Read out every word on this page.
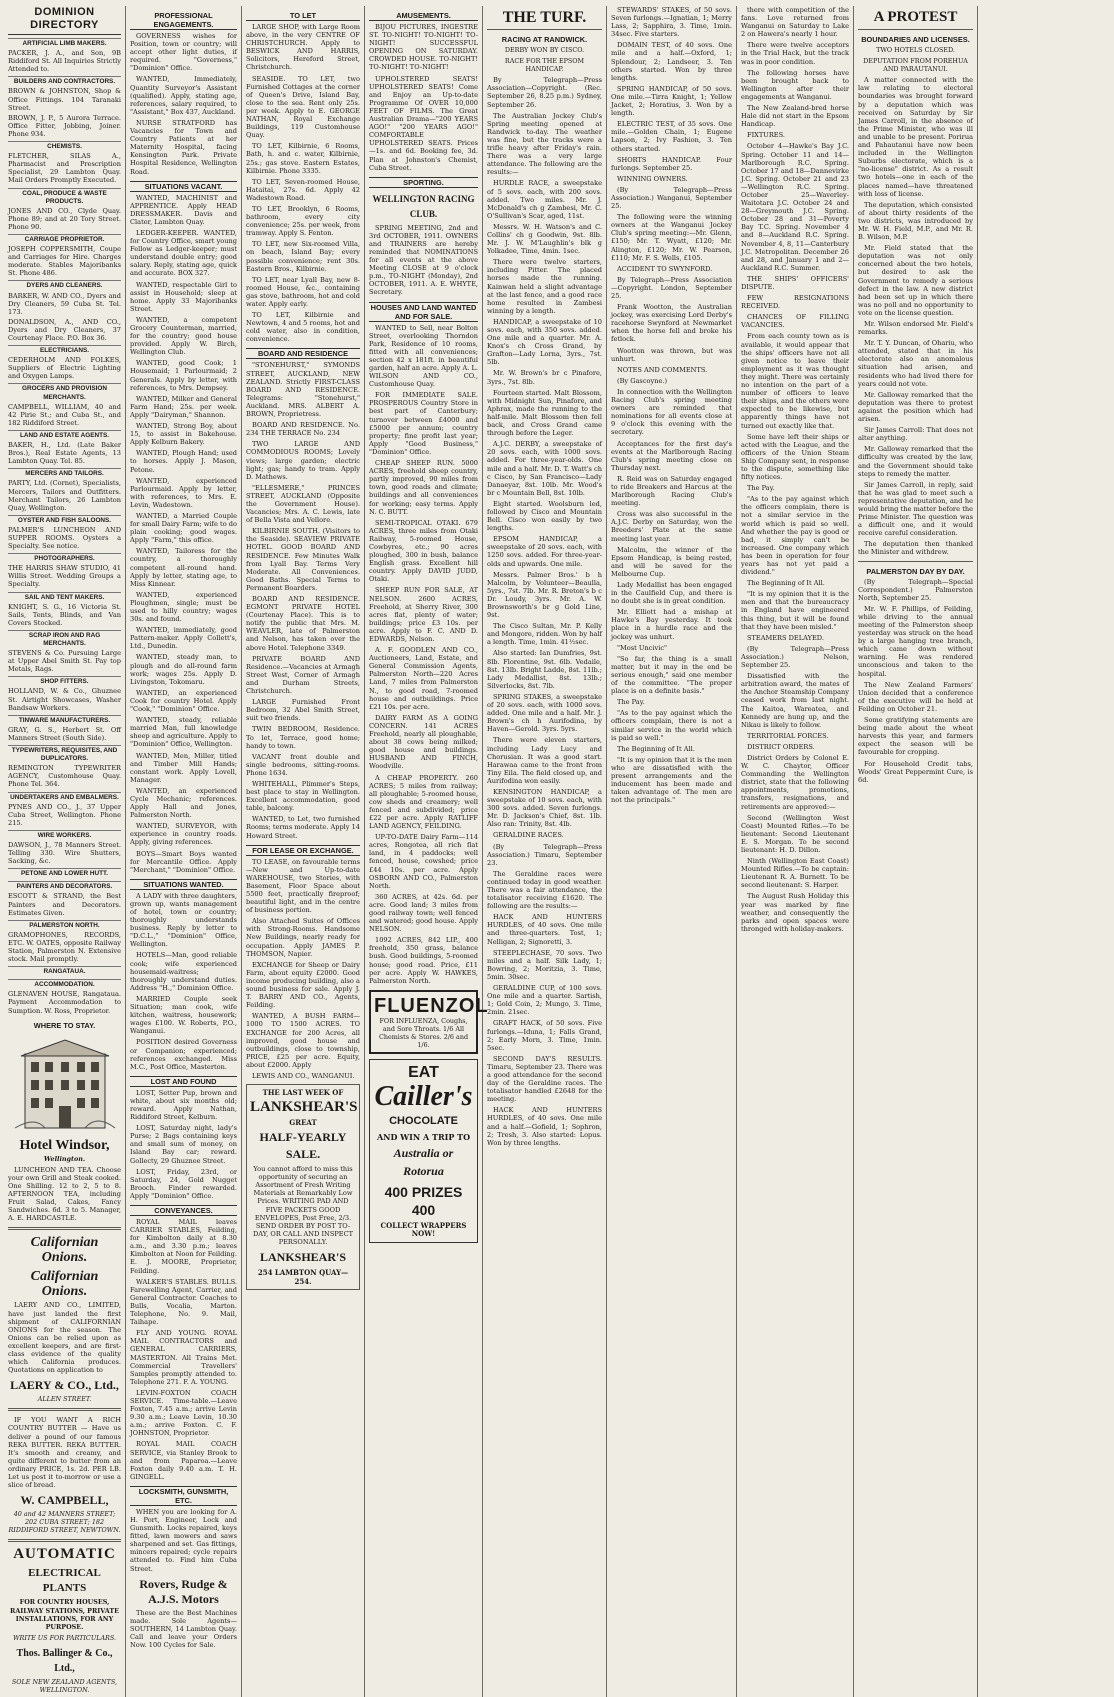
DOMINION DIRECTORY
ARTIFICIAL LIMB MAKERS.
PACKER, J. A., and Son, 9B Riddiford St. All Inquiries Strictly Attended to.
BUILDERS AND CONTRACTORS.
BROWN & JOHNSTON, Shop & Office Fittings. 104 Taranaki Street.
BROWN, J. P., 5 Aurora Terrace. Office Fitter, Jobbing, Joiner. Phone 934.
CHEMISTS.
FLETCHER, SILAS A., Pharmacist and Prescription Specialist, 29 Lambton Quay. Mail Orders Promptly Executed.
COAL, PRODUCE & WASTE PRODUCTS.
JONES AND CO., Clyde Quay. Phone 89; and at 20 Tory Street. Phone 90.
CARRIAGE PROPRIETOR.
JOSEPH COPPERSMITH, Coupe and Carriages for Hire. Charges moderate. Stables Majoribanks St. Phone 486.
DYERS AND CLEANERS.
BARKER, W. AND CO., Dyers and Dry Cleaners, 59 Cuba St. Tel. 173.
DONALDSON, A., AND CO., Dyers and Dry Cleaners, 37 Courtenay Place. P.O. Box 36.
ELECTRICIANS.
CEDERHOLM AND FOLKES, Suppliers of Electric Lighting and Oxygen Lamps.
GROCERS AND PROVISION MERCHANTS.
CAMPBELL, WILLIAM, 40 and 42 Pirie St.; and Cuba St., and 182 Riddiford Street.
LAND AND ESTATE AGENTS.
BAKER, H., Ltd. (Late Baker Bros.), Real Estate Agents, 13 Lambton Quay. Tel. 85.
MERCERS AND TAILORS.
PARTY, Ltd. (Cornet), Specialists, Mercers, Tailors and Outfitters. Merchant Tailors, 26 Lambton Quay, Wellington.
OYSTER AND FISH SALOONS.
PALMER'S LUNCHEON AND SUPPER ROOMS. Oysters a Specialty. See notice.
PHOTOGRAPHERS.
THE HARRIS SHAW STUDIO, 41 Willis Street. Wedding Groups a Specialty.
SAIL AND TENT MAKERS.
KNIGHT, S. G., 16 Victoria St. Sails, Tents, Blinds, and Van Covers Stocked.
SCRAP IRON AND RAG MERCHANTS.
STEVENS & Co. Pursuing Large at Upper Abel Smith St. Pay top Metals, Rags.
SHOP FITTERS.
HOLLAND, W. & Co., Ghuznee St. Airtight Showcases, Washer Bandsaw Workers.
TINWARE MANUFACTURERS.
GRAY, G. S., Herbert St. Off Manners Street (South Side).
TYPEWRITERS, REQUISITES, AND DUPLICATORS.
REMINGTON TYPEWRITER AGENCY, Customhouse Quay. Phone Tel. 364.
UNDERTAKERS AND EMBALMERS.
PYNES AND CO., J., 37 Upper Cuba Street, Wellington. Phone 215.
WIRE WORKERS.
DAWSON, J., 78 Manners Street. Telling 330. Wire Shutters, Sacking, &c.
PETONE AND LOWER HUTT.
PAINTERS AND DECORATORS.
ESCOTT & STRAND, the Best Painters and Decorators. Estimates Given.
PALMERSTON NORTH.
GRAMOPHONES, RECORDS, ETC. W. OATES, opposite Railway Station, Palmerston N. Extensive stock. Mail promptly.
RANGATAUA.
ACCOMMODATION.
GLENAVEN HOUSE, Rangataua. Payment Accommodation to Sumption. W. Ross, Proprietor.
WHERE TO STAY.
Hotel Windsor,
Wellington.

LUNCHEON AND TEA. Choose your own Grill and Steak cooked. One Shilling. 12 to 2, 5 to 8. AFTERNOON TEA, including Fruit Salad, Cakes, Fancy Sandwiches. 6d. 3 to 5. Manager, A. E. HARDCASTLE.

Californian Onions.
Californian Onions.

LAERY AND CO., LIMITED, have just landed the first shipment of CALIFORNIAN ONIONS for the season. The Onions can be relied upon as excellent keepers, and are first-class evidence of the quality which California produces. Quotations on application to

LAERY & CO., Ltd.,
ALLEN STREET.

IF YOU WANT A RICH COUNTRY BUTTER — Have us deliver a pound of our famous REKA BUTTER. REKA BUTTER. It's smooth and creamy, and quite different to butter from an ordinary PRICE, 1s. 2d. PER LB. Let us post it to-morrow or use a slice of bread.

W. CAMPBELL,
40 and 42 MANNERS STREET; 202 CUBA STREET; 182 RIDDIFORD STREET, NEWTOWN.
AUTOMATIC
ELECTRICAL PLANTS
FOR COUNTRY HOUSES, RAILWAY STATIONS, PRIVATE INSTALLATIONS, FOR ANY PURPOSE.
WRITE US FOR PARTICULARS.
Thos. Ballinger & Co., Ltd.,
SOLE NEW ZEALAND AGENTS, WELLINGTON.
PROFESSIONAL ENGAGEMENTS.

GOVERNESS wishes for Position, town or country; will accept other light duties, if required. "Governess," "Dominion" Office.

WANTED, Immediately, Quantity Surveyor's Assistant (qualified). Apply, stating age, references, salary required, to "Assistant," Box 437, Auckland.

NURSE STRATFORD has Vacancies for Town and Country Patients at her Maternity Hospital, facing Kensington Park. Private Hospital Residence, Wellington Road.

SITUATIONS VACANT.

WANTED, MACHINIST and APPRENTICE. Apply HEAD DRESSMAKER. Davis and Clater, Lambton Quay.

LEDGER-KEEPER. WANTED, for Country Office, smart young Fellow as Ledger-keeper; must understand double entry; good salary. Reply, stating age, quick and accurate. BOX 327.

WANTED, respectable Girl to assist in Household; sleep at home. Apply 33 Majoribanks Street.

WANTED, a competent Grocery Counterman, married, for the country; good house provided. Apply W. Birch, Wellington Club.

WANTED, good Cook; 1 Housemaid; 1 Parlourmaid; 2 Generals. Apply by letter, with references, to Mrs. Dempsey.

WANTED, Milker and General Farm Hand; 25s. per week. Apply "Dairyman," Shannon.

WANTED, Strong Boy, about 15, to assist in Bakehouse. Apply Kelburn Bakery.

WANTED, Plough Hand; used to horses. Apply J. Mason, Petone.

WANTED, experienced Parlourmaid. Apply by letter, with references, to Mrs. E. Levin, Wadestown.

WANTED, a Married Couple for small Dairy Farm; wife to do plain cooking; good wages. Apply "Farm," this office.

WANTED, Tailoress for the country, a thoroughly competent all-round hand. Apply by letter, stating age, to Miss Kinnear.

WANTED, experienced Ploughmen, single; must be used to hilly country; wages 30s. and found.

WANTED, immediately, good Pattern-maker. Apply Collett's, Ltd., Dunedin.

WANTED, steady man, to plough and do all-round farm work; wages 25s. Apply D. Livingston, Tokomaru.

WANTED, an experienced Cook for country Hotel. Apply "Cook," "Dominion" Office.

WANTED, steady, reliable married Man, full knowledge sheep and agriculture. Apply to "Dominion" Office, Wellington.

WANTED, Men, Miller, titled and Timber Mill Hands; constant work. Apply Lovell, Manager.

WANTED, an experienced Cycle Mechanic; references. Apply Hall and Jones, Palmerston North.

WANTED, SURVEYOR, with experience in country roads. Apply, giving references.

BOYS—Smart Boys wanted for Mercantile Office. Apply "Merchant," "Dominion" Office.

SITUATIONS WANTED.

A LADY with three daughters, grown up, wants management of hotel, town or country; thoroughly understands business. Reply by letter to "D.C.L.," "Dominion" Office, Wellington.

HOTELS—Man, good reliable cook; wife experienced housemaid-waitress; thoroughly understand duties. Address "H.," Dominion Office.

MARRIED Couple seek Situation; man cook, wife kitchen, waitress, housework; wages £100. W. Roberts, P.O., Wanganui.

POSITION desired Governess or Companion; experienced; references exchanged. Miss M.C., Post Office, Masterton.

LOST AND FOUND

LOST, Setter Pup, brown and white, about six months old; reward. Apply Nathan, Riddiford Street, Kelburn.

LOST, Saturday night, lady's Purse; 2 Bags containing keys and small sum of money, on Island Bay car; reward. Gollecty, 29 Ghuznee Street.

LOST, Friday, 23rd, or Saturday, 24, Gold Nugget Brooch. Finder rewarded. Apply "Dominion" Office.

CONVEYANCES.

ROYAL MAIL leaves CARRIER STABLES, Feilding, for Kimbolton daily at 8.30 a.m., and 3.30 p.m.; leaves Kimbolton at Noon for Feilding. E. J. MOORE, Proprietor, Feilding.

WALKER'S STABLES. BULLS. Farewelling Agent, Carrier, and General Contractor. Coaches to Bulls, Vocalia, Marton. Telephone, No. 9. Mail, Taihape.

FLY AND YOUNG. ROYAL MAIL CONTRACTORS and GENERAL CARRIERS, MASTERTON. All Trains Met. Commercial Travellers' Samples promptly attended to. Telephone 271. F. A. YOUNG.

LEVIN-FOXTON COACH SERVICE. Time-table.—Leave Foxton, 7.45 a.m.; arrive Levin 9.30 a.m.; Leave Levin, 10.30 a.m.; arrive Foxton. C. F. JOHNSTON, Proprietor.

ROYAL MAIL COACH SERVICE, via Stanley Brook to and from Paparoa.—Leave Foxton daily 9.40 a.m. T. H. GINGELL.

LOCKSMITH, GUNSMITH, ETC.

WHEN you are looking for A. H. Port, Engineer, Lock and Gunsmith. Locks repaired, keys fitted, lawn mowers and saws sharpened and set. Gas fittings, mincers repaired; cycle repairs attended to. Find him Cuba Street.

Rovers, Rudge & A.J.S. Motors

These are the Best Machines made. Sole Agents—SOUTHERN, 14 Lambton Quay. Call and leave your Orders Now. 100 Cycles for Sale.

TO LET

LARGE SHOP, with Large Room above, in the very CENTRE OF CHRISTCHURCH. Apply to BESWICK AND HARRIS, Solicitors, Hereford Street, Christchurch.

SEASIDE. TO LET, two Furnished Cottages at the corner of Queen's Drive, Island Bay, close to the sea. Rent only 25s. per week. Apply to E. GEORGE NATHAN, Royal Exchange Buildings, 119 Customhouse Quay.

TO LET, Kilbirnie, 6 Rooms, Bath, h. and c. water, Kilbirnie, 25s.; gas stove. Eastern Estates, Kilbirnie. Phone 3335.

TO LET, Seven-roomed House, Hataitai, 27s. 6d. Apply 42 Wadestown Road.

TO LET, Brooklyn, 6 Rooms, bathroom, every city convenience; 25s. per week, from tramway. Apply S. Fenton.

TO LET, new Six-roomed Villa, on beach, Island Bay; every possible convenience; rent 30s. Eastern Bros., Kilbirnie.

TO LET, near Lyall Bay, new 8-roomed House, &c., containing gas stove, bathroom, hot and cold water. Apply early.

TO LET, Kilbirnie and Newtown, 4 and 5 rooms, hot and cold water, also in condition, convenience.

BOARD AND RESIDENCE

"STONEHURST," SYMONDS STREET, AUCKLAND, NEW ZEALAND. Strictly FIRST-CLASS BOARD AND RESIDENCE. Telegrams: "Stonehurst," Auckland. MRS. ALBERT A. BROWN, Proprietress.

BOARD AND RESIDENCE. No. 234 THE TERRACE No. 234

TWO LARGE AND COMMODIOUS ROOMS; Lovely views; large garden; electric light; gas; handy to tram. Apply D. Mathews.

"ELLESMERE," PRINCES STREET, AUCKLAND (Opposite the Government House). Vacancies; Mrs. A. C. Lewis, late of Bella Vista and Vellore.

KILBIRNIE SOUTH. (Visitors to the Seaside). SEAVIEW PRIVATE HOTEL. GOOD BOARD AND RESIDENCE. Few Minutes Walk from Lyall Bay. Terms Very Moderate. All Conveniences. Good Baths. Special Terms to Permanent Boarders.

BOARD AND RESIDENCE. EGMONT PRIVATE HOTEL (Courtenay Place). This is to notify the public that Mrs. M. WEAVLER, late of Palmerston and Nelson, has taken over the above Hotel. Telephone 3349.

PRIVATE BOARD AND Residence.—Vacancies at Armagh Street West, Corner of Armagh and Durham Streets, Christchurch.

LARGE Furnished Front Bedroom, 32 Abel Smith Street, suit two friends.

TWIN BEDROOM, Residence. To let, Terrace, good home; handy to town.

VACANT front double and single bedrooms, sitting-rooms. Phone 1634.

WHITEHALL, Plimmer's Steps, best place to stay in Wellington. Excellent accommodation, good table, balcony.

WANTED, to Let, two furnished Rooms; terms moderate. Apply 14 Howard Street.

FOR LEASE OR EXCHANGE.

TO LEASE, on favourable terms—New and Up-to-date WAREHOUSE, two Stories, with Basement, Floor Space about 5500 feet, practically fireproof; beautiful light, and in the centre of business portion.

Also Attached Suites of Offices with Strong-Rooms. Handsome New Buildings, nearly ready for occupation. Apply JAMES P. THOMSON, Napier.

EXCHANGE for Sheep or Dairy Farm, about equity £2000. Good income producing building, also a sound business for sale. Apply J. T. BARRY AND CO., Agents, Feilding.

WANTED, A BUSH FARM—1000 TO 1500 ACRES. TO EXCHANGE for 200 Acres, all improved, good house and outbuildings, close to township, PRICE, £25 per acre. Equity, about £2000. Apply

LEWIS AND CO., WANGANUI.

THE LAST WEEK OF
LANKSHEAR'S
GREAT
HALF-YEARLY SALE.

You cannot afford to miss this opportunity of securing an Assortment of Fresh Writing Materials at Remarkably Low Prices. WRITING PAD AND FIVE PACKETS GOOD ENVELOPES, Post Free, 2/3. SEND ORDER BY POST TO-DAY, OR CALL AND INSPECT PERSONALLY.

LANKSHEAR'S
254 LAMBTON QUAY—254.
AMUSEMENTS.

BIJOU PICTURES, INGESTRE ST. TO-NIGHT! TO-NIGHT! TO-NIGHT! SUCCESSFUL OPENING ON SATURDAY. CROWDED HOUSE. TO-NIGHT! TO-NIGHT! TO-NIGHT!

UPHOLSTERED SEATS! UPHOLSTERED SEATS! Come and Enjoy an Up-to-date Programme Of OVER 10,000 FEET OF FILMS. The Great Australian Drama—"200 YEARS AGO!" "200 YEARS AGO!" COMFORTABLE UPHOLSTERED SEATS. Prices—1s. and 6d. Booking fee, 3d. Plan at Johnston's Chemist, Cuba Street.

SPORTING.
WELLINGTON RACING CLUB.

SPRING MEETING, 2nd and 3rd OCTOBER, 1911. OWNERS and TRAINERS are hereby reminded that NOMINATIONS for all events at the above Meeting CLOSE at 9 o'clock p.m., TO-NIGHT (Monday), 2nd OCTOBER, 1911. A. E. WHYTE, Secretary.

HOUSES AND LAND WANTED AND FOR SALE.

WANTED to Sell, near Bolton Street, overlooking Thorndon Park, Residence of 10 rooms, fitted with all conveniences; section 42 x 181ft. in beautiful garden, half an acre. Apply A. L. WILSON AND CO., Customhouse Quay.

FOR IMMEDIATE SALE. PROSPEROUS Country Store in best part of Canterbury; turnover between £4000 and £5000 per annum; country property; fine profit last year; Apply "Good Business," "Dominion" Office.

CHEAP SHEEP RUN. 5000 ACRES, freehold sheep country, partly improved, 90 miles from town, good roads and climate; buildings and all conveniences for working; easy terms. Apply N. C. BUTT.

SEMI-TROPICAL OTAKI. 679 ACRES, three miles from Otaki Railway, 5-roomed House, Cowbyres, etc.; 90 acres ploughed, 300 in bush, balance English grass. Excellent hill country. Apply DAVID JUDD, Otaki.

SHEEP RUN FOR SALE, AT NELSON. 2600 ACRES, Freehold, at Sherry River, 300 acres flat, plenty of water; buildings; price £3 10s. per acre. Apply to F. C. AND D. EDWARDS, Nelson.

A. F. GOODLEN AND CO., Auctioneers, Land, Estate, and General Commission Agents, Palmerston North—220 Acres Land, 7 miles from Palmerston N., to good road, 7-roomed house and outbuildings. Price £21 10s. per acre.

DAIRY FARM AS A GOING CONCERN. 141 ACRES Freehold, nearly all ploughable, about 38 cows being milked; good house and buildings. HUSBAND AND FINCH, Woodville.

A CHEAP PROPERTY. 260 ACRES; 5 miles from railway; all ploughable; 5-roomed house, cow sheds and creamery; well fenced and subdivided; price £22 per acre. Apply RATLIFF LAND AGENCY, FEILDING.

UP-TO-DATE Dairy Farm—114 acres, Rongotea, all rich flat land, in 4 paddocks; well fenced, house, cowshed; price £44 10s. per acre. Apply OSBORN AND CO., Palmerston North.

360 ACRES, at 42s. 6d. per acre. Good land; 3 miles from good railway town; well fenced and watered; good house. Apply NELSON.

1092 ACRES, 842 LIP., 400 freehold, 350 grass, balance bush. Good buildings, 5-roomed house; good road. Price, £11 per acre. Apply W. HAWKES, Palmerston North.

FLUENZOL
FOR INFLUENZA, Coughs, and Sore Throats. 1/6 All Chemists & Stores. 2/6 and 1/6.
EAT
Cailler's
CHOCOLATE
AND WIN A TRIP TO
Australia or Rotorua
400 PRIZES 400
COLLECT WRAPPERS NOW!
THE TURF.
RACING AT RANDWICK.
DERBY WON BY CISCO.
RACE FOR THE EPSOM HANDICAP.

By Telegraph—Press Association—Copyright. (Rec. September 26, 8.25 p.m.) Sydney, September 26.

The Australian Jockey Club's Spring meeting opened at Randwick to-day. The weather was fine, but the tracks were a trifle heavy after Friday's rain. There was a very large attendance. The following are the results:—

HURDLE RACE, a sweepstake of 5 sovs. each, with 200 sovs. added. Two miles. Mr. J. McDonald's ch g Zambesi, Mr. C. O'Sullivan's Scar, aged, 11st.

Messrs. W. H. Watson's and C. Collins' ch g Goodwin, 9st. 8lb. Mr. J. W. M'Laughlin's blk g Yolkadee, Time, 4min. 1sec.

There were twelve starters, including Pitter. The placed horses made the running. Kainwan held a slight advantage at the last fence, and a good race home resulted in Zambesi winning by a length.

HANDICAP, a sweepstake of 10 sovs. each, with 350 sovs. added. One mile and a quarter. Mr. A. Knox's ch Cross Grand, by Grafton—Lady Lorna, 3yrs., 7st. 5lb.

Mr. W. Brown's br c Pinafore, 3yrs., 7st. 8lb.

Fourteen started. Malt Blossom, with Midnight Sun, Pinafore, and Aphrax, made the running to the half-mile. Malt Blossom then fell back, and Cross Grand came through before the Leger.

A.J.C. DERBY, a sweepstake of 20 sovs. each, with 1000 sovs. added. For three-year-olds. One mile and a half. Mr. D. T. Watt's ch c Cisco, by San Francisco—Lady Danaeyar, 8st. 10lb. Mr. Wood's br c Mountain Bell, 8st. 10lb.

Eight started. Woolsburn led, followed by Cisco and Mountain Bell. Cisco won easily by two lengths.

EPSOM HANDICAP, a sweepstake of 20 sovs. each, with 1250 sovs. added. For three-year-olds and upwards. One mile.

Messrs. Palmer Bros.' b h Malcolm, by Volunteer—Beaulla, 5yrs., 7st. 7lb. Mr. R. Breton's b c Dr. Loudy, 3yrs. Mr. A. W. Brownsworth's br g Gold Line, 9st.

The Cisco Sultan, Mr. P. Kelly and Mongore, ridden. Won by half a length. Time, 1min. 41½sec.

Also started: Ian Dumfries, 9st. 8lb. Florentine, 9st. 6lb. Vedaile, 8st. 13lb. Bright Ladde, 8st. 11lb.; Lady Medallist, 8st. 13lb.; Silverlocks, 8st. 7lb.

SPRING STAKES, a sweepstake of 20 sovs. each, with 1000 sovs. added. One mile and a half. Mr. J. Brown's ch h Aurifodina, by Haven—Gerold. 3yrs. 5yrs.

There were eleven starters, including Lady Lucy and Chorusian. It was a good start. Harawaa came to the front from Tiny Eila. The field closed up, and Aurifodina won easily.

KENSINGTON HANDICAP, a sweepstake of 10 sovs. each, with 300 sovs. added. Seven furlongs. Mr. D. Jackson's Chief, 8st. 1lb. Also ran: Trinity, 8st. 4lb.

GERALDINE RACES.

(By Telegraph—Press Association.) Timaru, September 23.

The Geraldine races were continued today in good weather. There was a fair attendance, the totalisator receiving £1620. The following are the results:—

HACK AND HUNTERS HURDLES, of 40 sovs. One mile and three-quarters. Tost, 1; Nelligan, 2; Signoretti, 3.

STEEPLECHASE, 70 sovs. Two miles and a half. Silk Lady, 1; Bowring, 2; Moritzia, 3. Time, 5min. 30sec.

GERALDINE CUP, of 100 sovs. One mile and a quarter. Sartish, 1; Gold Coin, 2; Mungo, 3. Time, 2min. 21sec.

GRAFT HACK, of 50 sovs. Five furlongs.—Iduna, 1; Falls Grand, 2; Early Morn, 3. Time, 1min. 5sec.

SECOND DAY'S RESULTS. Timaru, September 23. There was a good attendance for the second day of the Geraldine races. The totalisator handled £2648 for the meeting.

HACK AND HUNTERS HURDLES, of 40 sovs. One mile and a half.—Gofield, 1; Sophron, 2; Tresh, 3. Also started: Lopus. Won by three lengths.

STEWARDS' STAKES, of 50 sovs. Seven furlongs.—Ignatian, 1; Merry Lass, 2; Sapphira, 3. Time, 1min. 34sec. Five starters.

DOMAIN TEST, of 40 sovs. One mile and a half.—Oxford, 1; Splendour, 2; Landseer, 3. Ten others started. Won by three lengths.

SPRING HANDICAP, of 50 sovs. One mile.—Tirra Knight, 1; Yellow Jacket, 2; Horatius, 3. Won by a length.

ELECTRIC TEST, of 35 sovs. One mile.—Golden Chain, 1; Eugene Lapson, 2; Ivy Fashion, 3. Ten others started.

SHORTS HANDICAP. Four furlongs. September 25.

WINNING OWNERS.

(By Telegraph—Press Association.) Wanganui, September 25.

The following were the winning owners at the Wanganui Jockey Club's spring meeting:—Mr. Glenn, £150; Mr. T. Wyatt, £120; Mr. Alington, £120; Mr. W. Pearson, £110; Mr. F. S. Wells, £105.

ACCIDENT TO SWYNFORD.

By Telegraph—Press Association—Copyright. London, September 25.

Frank Wootton, the Australian jockey, was exercising Lord Derby's racehorse Swynford at Newmarket when the horse fell and broke his fetlock.

Wootton was thrown, but was unhurt.

NOTES AND COMMENTS.

(By Gascoyne.)

In connection with the Wellington Racing Club's spring meeting owners are reminded that nominations for all events close at 9 o'clock this evening with the secretary.

Acceptances for the first day's events at the Marlborough Racing Club's spring meeting close on Thursday next.

R. Reid was on Saturday engaged to ride Breakers and Harcus at the Marlborough Racing Club's meeting.

Cross was also successful in the A.J.C. Derby on Saturday, won the Breeders' Plate at the same meeting last year.

Malcolm, the winner of the Epsom Handicap, is being rested, and will be saved for the Melbourne Cup.

Lady Medallist has been engaged in the Caulfield Cup, and there is no doubt she is in great condition.

Mr. Elliott had a mishap at Hawke's Bay yesterday. It took place in a hurdle race and the jockey was unhurt.

"Most Uncivic"

"So far, the thing is a small matter, but it may in the end be serious enough," said one member of the committee. "The proper place is on a definite basis."

The Pay.

"As to the pay against which the officers complain, there is not a similar service in the world which is paid so well."

The Beginning of It All.

"It is my opinion that it is the men who are dissatisfied with the present arrangements and the inducement has been made and taken advantage of. The men are not the principals."

there with competition of the fans. Love returned from Wanganui on Saturday to Lake 2 on Hawera's nearly 1 hour.

There were twelve acceptors in the Trial Hack, but the track was in poor condition.

The following horses have been brought back to Wellington after their engagements at Wanganui.

The New Zealand-bred horse Hale did not start in the Epsom Handicap.

FIXTURES.

October 4—Hawke's Bay J.C. Spring. October 11 and 14—Marlborough R.C. Spring. October 17 and 18—Dannevirke J.C. Spring. October 21 and 23—Wellington R.C. Spring. October 25—Waverley-Waitotara J.C. October 24 and 28—Greymouth J.C. Spring. October 28 and 31—Poverty Bay T.C. Spring. November 4 and 8—Auckland R.C. Spring. November 4, 8, 11—Canterbury J.C. Metropolitan. December 26 and 28, and January 1 and 2—Auckland R.C. Summer.

THE SHIPS' OFFICERS' DISPUTE.

FEW RESIGNATIONS RECEIVED.

CHANCES OF FILLING VACANCIES.

From each county town as is available, it would appear that the ships' officers have not all given notice to leave their employment as it was thought they might. There was certainly no intention on the part of a number of officers to leave their ships, and the others were expected to be likewise, but apparently things have not turned out exactly like that.

Some have left their ships or acted with the League, and the officers of the Union Steam Ship Company sent, in response to the dispute, something like fifty notices.

The Pay.

"As to the pay against which the officers complain, there is not a similar service in the world which is paid so well. And whether the pay is good or bad, it simply can't be increased. One company which has been in operation for four years has not yet paid a dividend."

The Beginning of It All.

"It is my opinion that it is the men and that the bureaucracy in England have engineered this thing, but it will be found that they have been misled."

STEAMERS DELAYED.

(By Telegraph—Press Association.) Nelson, September 25.

Dissatisfied with the arbitration award, the mates of the Anchor Steamship Company ceased work from last night. The Kaitoa, Wareatea, and Kennedy are hung up, and the Nikau is likely to follow.

TERRITORIAL FORCES.

DISTRICT ORDERS.

District Orders by Colonel E. W. C. Chaytor, Officer Commanding the Wellington district, state that the following appointments, promotions, transfers, resignations, and retirements are approved:—

Second (Wellington West Coast) Mounted Rifles.—To be lieutenant: Second Lieutenant E. S. Morgan. To be second lieutenant: H. D. Dillon.

Ninth (Wellington East Coast) Mounted Rifles.—To be captain: Lieutenant R. A. Burnett. To be second lieutenant: S. Harper.

The August Rush Holiday this year was marked by fine weather, and consequently the parks and open spaces were thronged with holiday-makers.

A PROTEST
BOUNDARIES AND LICENSES.
TWO HOTELS CLOSED.
DEPUTATION FROM POREHUA AND PARAUTANUI.

A matter connected with the law relating to electoral boundaries was brought forward by a deputation which was received on Saturday by Sir James Carroll, in the absence of the Prime Minister, who was ill and unable to be present. Porirua and Pahautanui have now been included in the Wellington Suburbs electorate, which is a "no-license" district. As a result two hotels—one in each of the places named—have threatened with loss of license.

The deputation, which consisted of about thirty residents of the two districts, was introduced by Mr. W. H. Field, M.P., and Mr. R. B. Wilson, M.P.

Mr. Field stated that the deputation was not only concerned about the two hotels, but desired to ask the Government to remedy a serious defect in the law. A new district had been set up in which there was no poll and no opportunity to vote on the license question.

Mr. Wilson endorsed Mr. Field's remarks.

Mr. T. Y. Duncan, of Ohariu, who attended, stated that in his electorate also an anomalous situation had arisen, and residents who had lived there for years could not vote.

Mr. Galloway remarked that the deputation was there to protest against the position which had arisen.

Sir James Carroll: That does not alter anything.

Mr. Galloway remarked that the difficulty was created by the law, and the Government should take steps to remedy the matter.

Sir James Carroll, in reply, said that he was glad to meet such a representative deputation, and he would bring the matter before the Prime Minister. The question was a difficult one, and it would receive careful consideration.

The deputation then thanked the Minister and withdrew.

PALMERSTON DAY BY DAY.

(By Telegraph—Special Correspondent.) Palmerston North, September 25.

Mr. W. F. Phillips, of Feilding, while driving to the annual meeting of the Palmerston sheep yesterday was struck on the head by a large hanging tree branch, which came down without warning. He was rendered unconscious and taken to the hospital.

The New Zealand Farmers' Union decided that a conference of the executive will be held at Feilding on October 21.

Some gratifying statements are being made about the wheat harvests this year, and farmers expect the season will be favourable for cropping.

For Household Credit tabs, Woods' Great Peppermint Cure, is 6d.
